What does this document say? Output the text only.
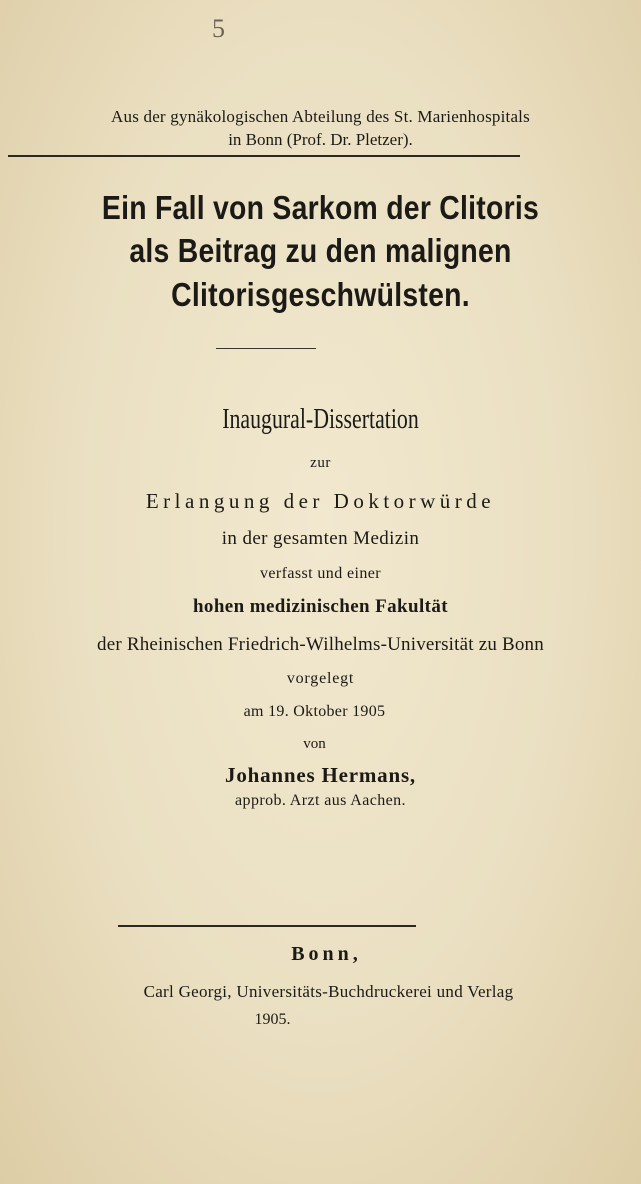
5
Aus der gynäkologischen Abteilung des St. Marienhospitals
in Bonn (Prof. Dr. Pletzer).
Ein Fall von Sarkom der Clitoris
als Beitrag zu den malignen
Clitorisgeschwülsten.
Inaugural-Dissertation
zur
Erlangung der Doktorwürde
in der gesamten Medizin
verfasst und einer
hohen medizinischen Fakultät
der Rheinischen Friedrich-Wilhelms-Universität zu Bonn
vorgelegt
am 19. Oktober 1905
von
Johannes Hermans,
approb. Arzt aus Aachen.
Bonn,
Carl Georgi, Universitäts-Buchdruckerei und Verlag
1905.
